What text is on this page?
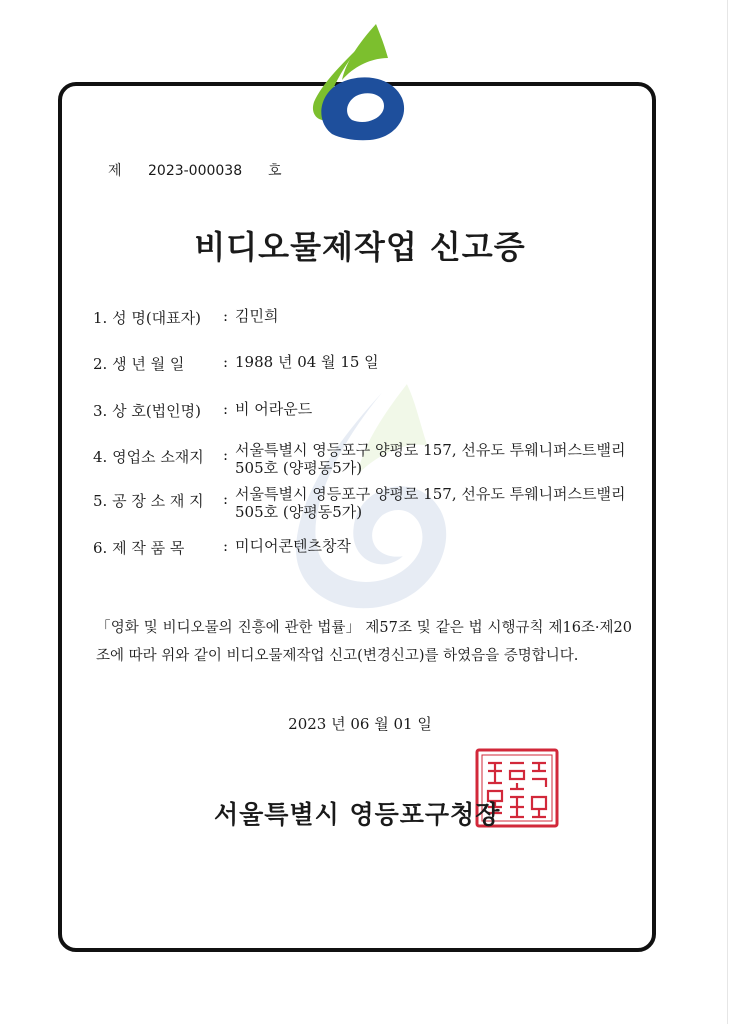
제 2023-000038 호
비디오물제작업 신고증
1. 성 명(대표자)	: 김민희
2. 생 년 월 일	: 1988 년 04 월 15 일
3. 상 호(법인명)	: 비 어라운드
4. 영업소 소재지	: 서울특별시 영등포구 양평로 157, 선유도 투웨니퍼스트밸리 505호 (양평동5가)
5. 공 장 소 재 지	: 서울특별시 영등포구 양평로 157, 선유도 투웨니퍼스트밸리 505호 (양평동5가)
6. 제 작 품 목	: 미디어콘텐츠창작
「영화 및 비디오물의 진흥에 관한 법률」 제57조 및 같은 법 시행규칙 제16조·제20조에 따라 위와 같이 비디오물제작업 신고(변경신고)를 하였음을 증명합니다.
2023 년 06 월 01 일
서울특별시 영등포구청장
